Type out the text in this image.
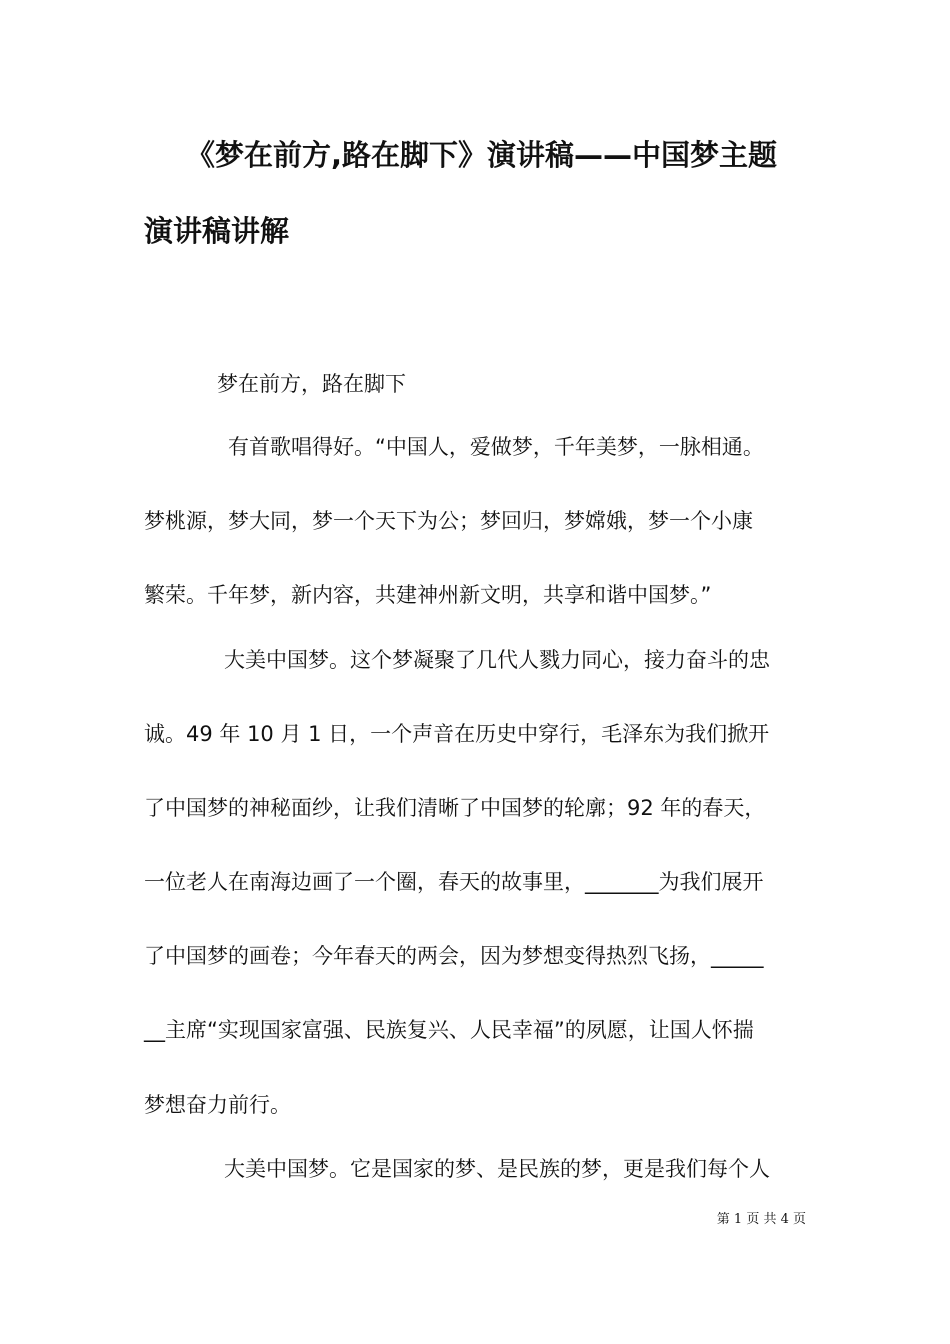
《梦在前方,路在脚下》演讲稿——中国梦主题
演讲稿讲解
梦在前方，路在脚下
有首歌唱得好。“中国人，爱做梦，千年美梦，一脉相通。
梦桃源，梦大同，梦一个天下为公；梦回归，梦嫦娥，梦一个小康
繁荣。千年梦，新内容，共建神州新文明，共享和谐中国梦。”
大美中国梦。这个梦凝聚了几代人戮力同心，接力奋斗的忠
诚。49 年 10 月 1 日，一个声音在历史中穿行，毛泽东为我们掀开
了中国梦的神秘面纱，让我们清晰了中国梦的轮廓；92 年的春天，
一位老人在南海边画了一个圈，春天的故事里，_______为我们展开
了中国梦的画卷；今年春天的两会，因为梦想变得热烈飞扬，_____
__主席“实现国家富强、民族复兴、人民幸福”的夙愿，让国人怀揣
梦想奋力前行。
大美中国梦。它是国家的梦、是民族的梦，更是我们每个人
第 1 页 共 4 页
